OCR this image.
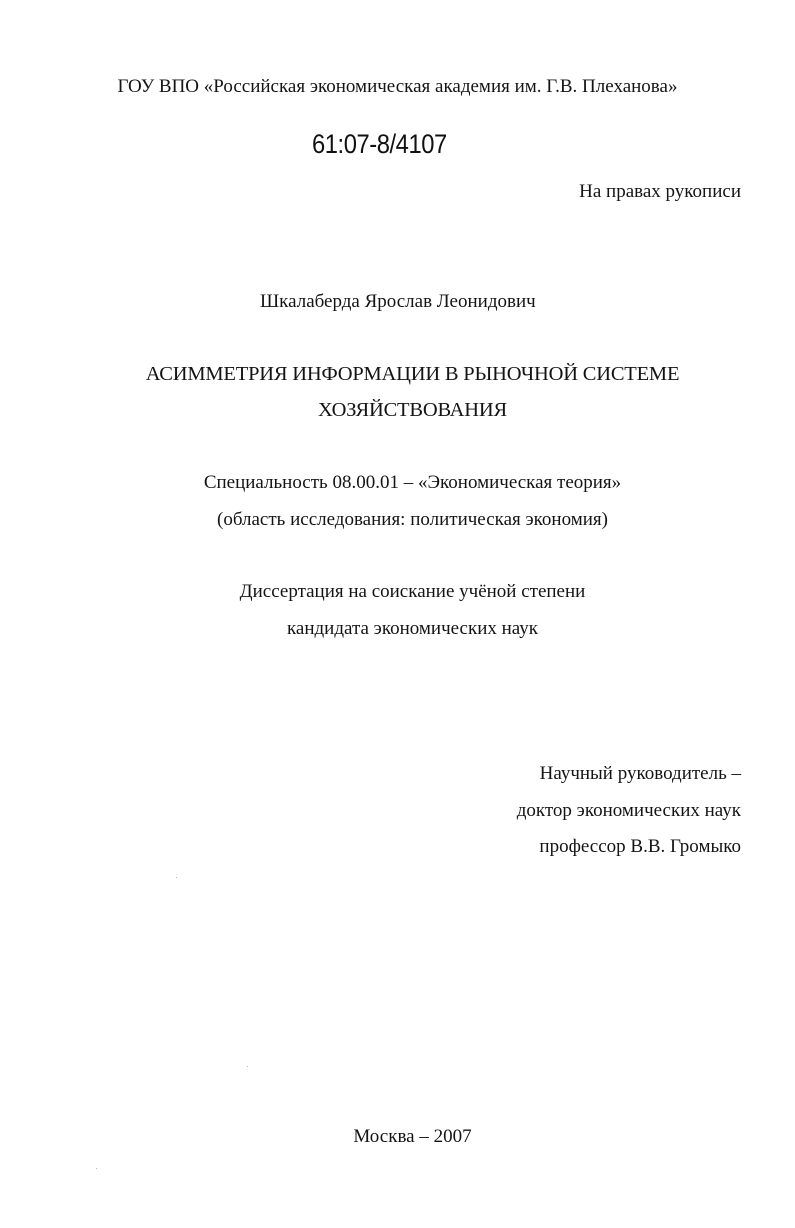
ГОУ ВПО «Российская экономическая академия им. Г.В. Плеханова»
61:07-8/4107
На правах рукописи
Шкалаберда Ярослав Леонидович
АСИММЕТРИЯ ИНФОРМАЦИИ В РЫНОЧНОЙ СИСТЕМЕ
ХОЗЯЙСТВОВАНИЯ
Специальность 08.00.01 – «Экономическая теория»
(область исследования: политическая экономия)
Диссертация на соискание учёной степени
кандидата экономических наук
Научный руководитель –
доктор экономических наук
профессор В.В. Громыко
Москва – 2007
